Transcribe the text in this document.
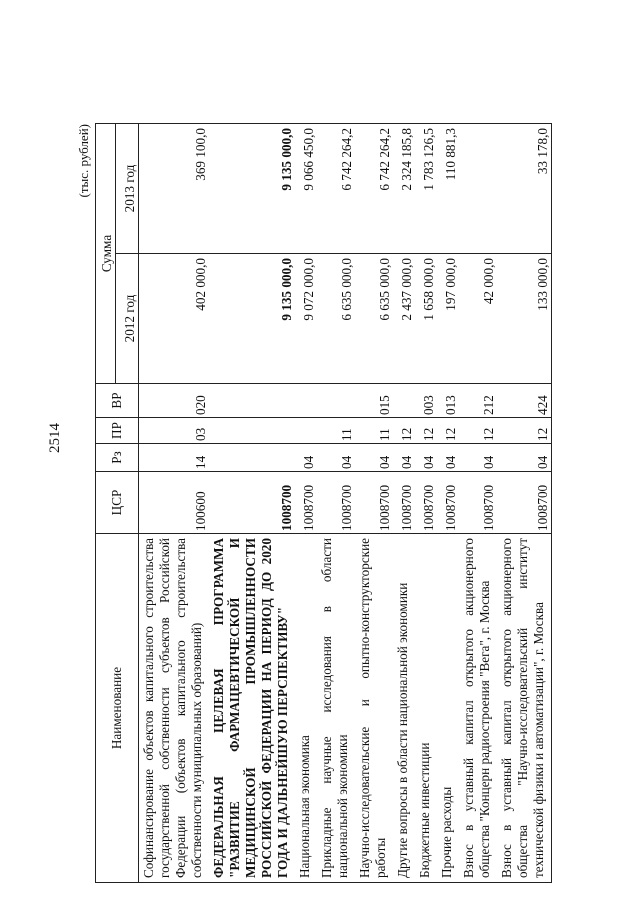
2514
(тыс. рублей)
Наименование	ЦСР	Рз	ПР	ВР	Сумма	
					2012 год	2013 год
Софинансирование объектов капитального строительства государственной собственности субъектов Российской Федерации (объектов капитального строительства собственности муниципальных образований)	100600	14	03	020	402 000,0	369 100,0
ФЕДЕРАЛЬНАЯ ЦЕЛЕВАЯ ПРОГРАММА "РАЗВИТИЕ ФАРМАЦЕВТИЧЕСКОЙ И МЕДИЦИНСКОЙ ПРОМЫШЛЕННОСТИ РОССИЙСКОЙ ФЕДЕРАЦИИ НА ПЕРИОД ДО 2020 ГОДА И ДАЛЬНЕЙШУЮ ПЕРСПЕКТИВУ"	1008700				9 135 000,0	9 135 000,0
Национальная экономика	1008700	04			9 072 000,0	9 066 450,0
Прикладные научные исследования в области национальной экономики	1008700	04	11		6 635 000,0	6 742 264,2
Научно-исследовательские и опытно-конструкторские работы	1008700	04	11	015	6 635 000,0	6 742 264,2
Другие вопросы в области национальной экономики	1008700	04	12		2 437 000,0	2 324 185,8
Бюджетные инвестиции	1008700	04	12	003	1 658 000,0	1 783 126,5
Прочие расходы	1008700	04	12	013	197 000,0	110 881,3
Взнос в уставный капитал открытого акционерного общества "Концерн радиостроения "Вега", г. Москва	1008700	04	12	212	42 000,0	
Взнос в уставный капитал открытого акционерного общества "Научно-исследовательский институт технической физики и автоматизации", г. Москва	1008700	04	12	424	133 000,0	33 178,0
